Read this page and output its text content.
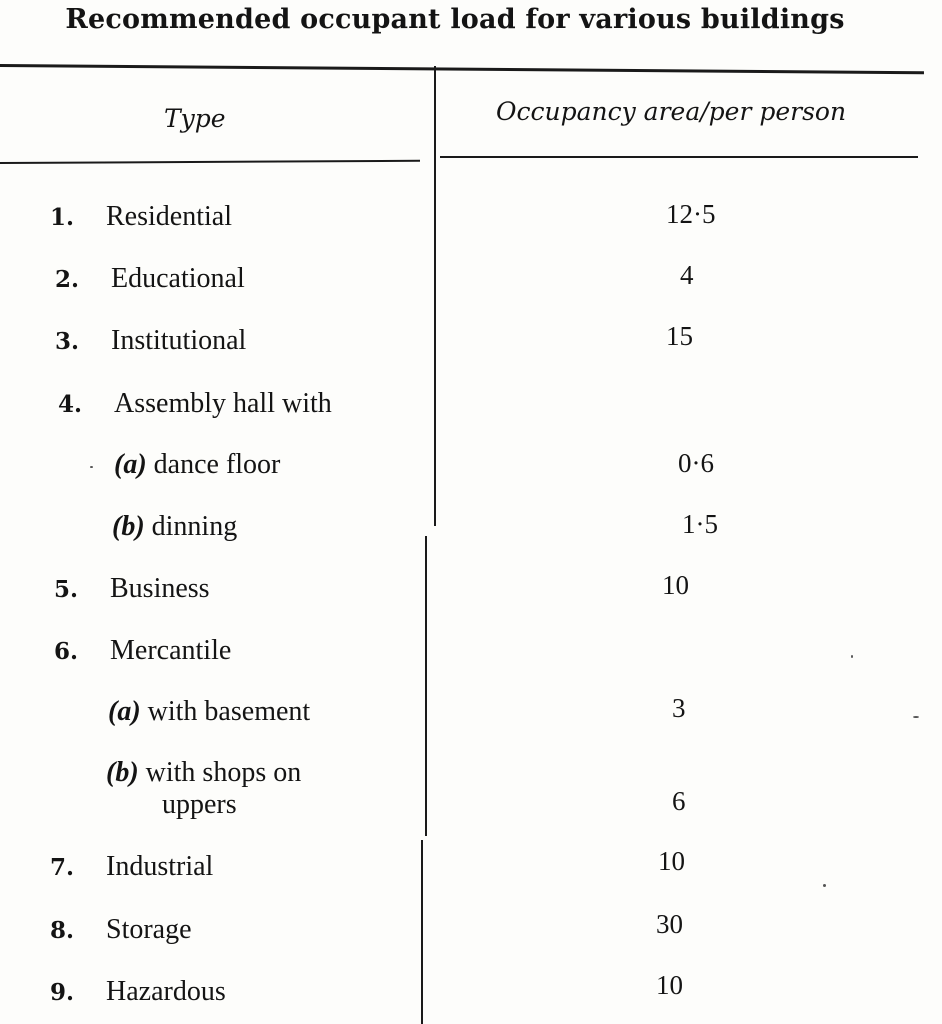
Recommended occupant load for various buildings
Type	Occupancy area/per person
1. Residential	12·5
2. Educational	4
3. Institutional	15
4. Assembly hall with
(a) dance floor	0·6
(b) dinning	1·5
5. Business	10
6. Mercantile
(a) with basement	3
(b) with shops on
uppers	6
7. Industrial	10
8. Storage	30
9. Hazardous	10
